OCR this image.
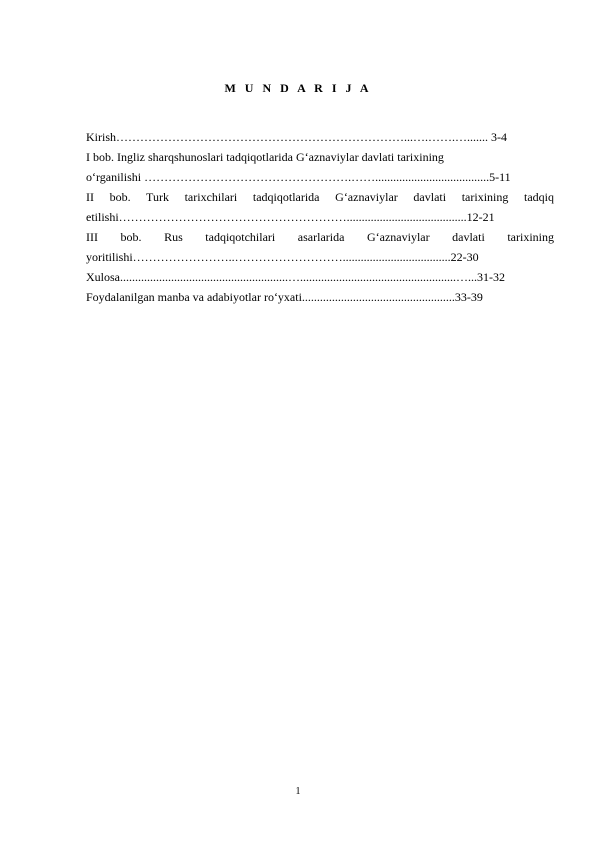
M U N D A R I J A
Kirish………………………………………………………………...….…….…....... 3-4
I bob. Ingliz sharqshunoslari tadqiqotlarida G‘aznaviylar davlati tarixining
o‘rganilishi …………………………………………….……......................................5-11
II bob. Turk tarixchilari tadqiqotlarida G‘aznaviylar davlati tarixining tadqiq
etilishi…………………………………………………........................................12-21
III bob. Rus tadqiqotchilari asarlarida G‘aznaviylar davlati tarixining
yoritilishi……………………..………………………....................................22-30
Xulosa........................................................…....................................................…...31-32
Foydalanilgan manba va adabiyotlar ro‘yxati...................................................33-39
1
